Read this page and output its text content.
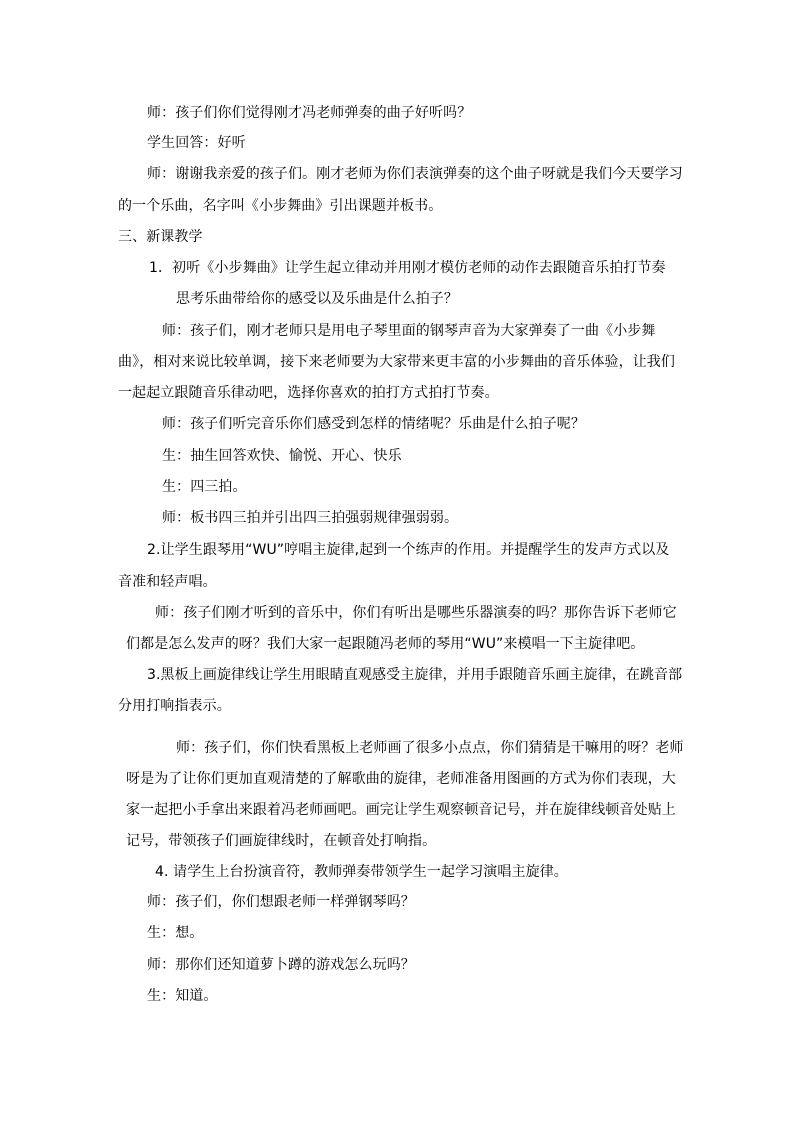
师：孩子们你们觉得刚才冯老师弹奏的曲子好听吗？
学生回答：好听
师：谢谢我亲爱的孩子们。刚才老师为你们表演弹奏的这个曲子呀就是我们今天要学习
的一个乐曲，名字叫《小步舞曲》引出课题并板书。
三、新课教学
1．初听《小步舞曲》让学生起立律动并用刚才模仿老师的动作去跟随音乐拍打节奏
思考乐曲带给你的感受以及乐曲是什么拍子？
师：孩子们，刚才老师只是用电子琴里面的钢琴声音为大家弹奏了一曲《小步舞
曲》，相对来说比较单调，接下来老师要为大家带来更丰富的小步舞曲的音乐体验，让我们
一起起立跟随音乐律动吧，选择你喜欢的拍打方式拍打节奏。
师：孩子们听完音乐你们感受到怎样的情绪呢？乐曲是什么拍子呢？
生：抽生回答欢快、愉悦、开心、快乐
生：四三拍。
师：板书四三拍并引出四三拍强弱规律强弱弱。
2.让学生跟琴用“WU”哼唱主旋律,起到一个练声的作用。并提醒学生的发声方式以及
音准和轻声唱。
师：孩子们刚才听到的音乐中，你们有听出是哪些乐器演奏的吗？那你告诉下老师它
们都是怎么发声的呀？我们大家一起跟随冯老师的琴用“WU”来模唱一下主旋律吧。
3.黑板上画旋律线让学生用眼睛直观感受主旋律，并用手跟随音乐画主旋律，在跳音部
分用打响指表示。
师：孩子们，你们快看黑板上老师画了很多小点点，你们猜猜是干嘛用的呀？老师
呀是为了让你们更加直观清楚的了解歌曲的旋律，老师准备用图画的方式为你们表现，大
家一起把小手拿出来跟着冯老师画吧。画完让学生观察顿音记号，并在旋律线顿音处贴上
记号，带领孩子们画旋律线时，在顿音处打响指。
4. 请学生上台扮演音符，教师弹奏带领学生一起学习演唱主旋律。
师：孩子们，你们想跟老师一样弹钢琴吗？
生：想。
师：那你们还知道萝卜蹲的游戏怎么玩吗？
生：知道。
